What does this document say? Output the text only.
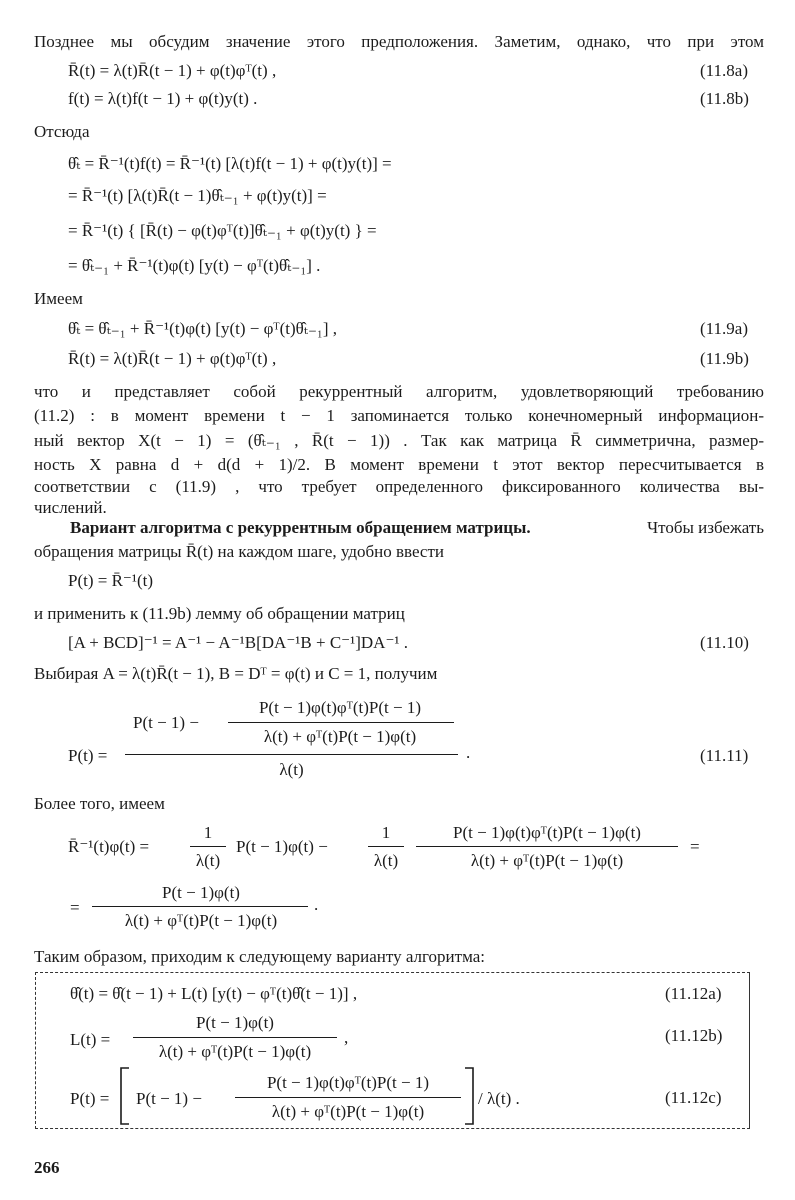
Позднее мы обсудим значение этого предположения. Заметим, однако, что при этом
R̄(t) = λ(t)R̄(t − 1) + φ(t)φᵀ(t) ,	(11.8a)
f(t) = λ(t)f(t − 1) + φ(t)y(t) .	(11.8b)
Отсюда
θ̂ₜ = R̄⁻¹(t)f(t) = R̄⁻¹(t) [λ(t)f(t − 1) + φ(t)y(t)] =
= R̄⁻¹(t) [λ(t)R̄(t − 1)θ̂ₜ₋₁ + φ(t)y(t)] =
= R̄⁻¹(t) { [R̄(t) − φ(t)φᵀ(t)]θ̂ₜ₋₁ + φ(t)y(t) } =
= θ̂ₜ₋₁ + R̄⁻¹(t)φ(t) [y(t) − φᵀ(t)θ̂ₜ₋₁] .
Имеем
θ̂ₜ = θ̂ₜ₋₁ + R̄⁻¹(t)φ(t) [y(t) − φᵀ(t)θ̂ₜ₋₁] ,	(11.9a)
R̄(t) = λ(t)R̄(t − 1) + φ(t)φᵀ(t) ,	(11.9b)
что и представляет собой рекуррентный алгоритм, удовлетворяющий требованию
(11.2) : в момент времени t − 1 запоминается только конечномерный информацион-
ный вектор X(t − 1) = (θ̂ₜ₋₁ , R̄(t − 1)) . Так как матрица R̄ симметрична, размер-
ность X равна d + d(d + 1)/2. В момент времени t этот вектор пересчитывается в
соответствии с (11.9) , что требует определенного фиксированного количества вы-
числений.
Вариант алгоритма с рекуррентным обращением матрицы.	Чтобы избежать
обращения матрицы R̄(t) на каждом шаге, удобно ввести
P(t) = R̄⁻¹(t)
и применить к (11.9b) лемму об обращении матриц
[A + BCD]⁻¹ = A⁻¹ − A⁻¹B[DA⁻¹B + C⁻¹]DA⁻¹ .	(11.10)
Выбирая A = λ(t)R̄(t − 1), B = Dᵀ = φ(t) и C = 1, получим
P(t) =
P(t − 1) −
P(t − 1)φ(t)φᵀ(t)P(t − 1)
λ(t) + φᵀ(t)P(t − 1)φ(t)
λ(t)
.	(11.11)
Более того, имеем
R̄⁻¹(t)φ(t) =
1
λ(t)
P(t − 1)φ(t) −
1
λ(t)
P(t − 1)φ(t)φᵀ(t)P(t − 1)φ(t)
λ(t) + φᵀ(t)P(t − 1)φ(t)
=
=
P(t − 1)φ(t)
λ(t) + φᵀ(t)P(t − 1)φ(t)
.
Таким образом, приходим к следующему варианту алгоритма:
θ̂(t) = θ̂(t − 1) + L(t) [y(t) − φᵀ(t)θ̂(t − 1)] ,	(11.12a)
L(t) =
P(t − 1)φ(t)
λ(t) + φᵀ(t)P(t − 1)φ(t)
,	(11.12b)
P(t) = P(t − 1) −
P(t − 1)φ(t)φᵀ(t)P(t − 1)
λ(t) + φᵀ(t)P(t − 1)φ(t)
/ λ(t) .	(11.12c)
266
